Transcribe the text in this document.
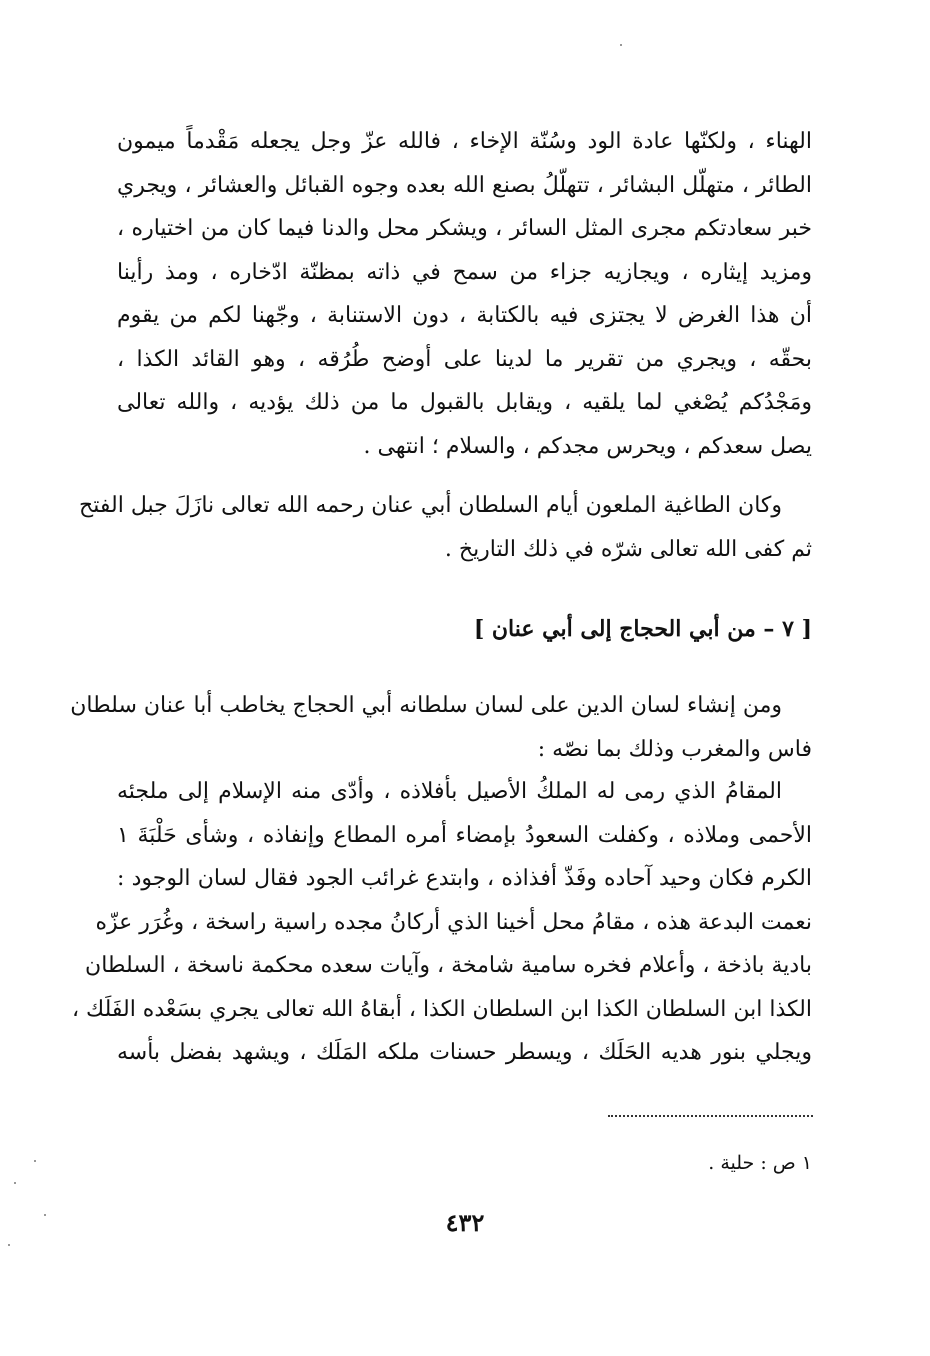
الهناء ، ولكنّها عادة الود وسُنّة الإخاء ، فالله عزّ وجل يجعله مَقْدماً ميمون
الطائر ، متهلّل البشائر ، تتهلّلُ بصنع الله بعده وجوه القبائل والعشائر ، ويجري
خبر سعادتكم مجرى المثل السائر ، ويشكر محل والدنا فيما كان من اختياره ،
ومزيد إيثاره ، ويجازيه جزاء من سمح في ذاته بمظنّة ادّخاره ، ومذ رأينا
أن هذا الغرض لا يجتزى فيه بالكتابة ، دون الاستنابة ، وجّهنا لكم من يقوم
بحقّه ، ويجري من تقرير ما لدينا على أوضح طُرُقه ، وهو القائد الكذا ،
ومَجْدُكم يُصْغي لما يلقيه ، ويقابل بالقبول ما من ذلك يؤديه ، والله تعالى
يصل سعدكم ، ويحرس مجدكم ، والسلام ؛ انتهى .
وكان الطاغية الملعون أيام السلطان أبي عنان رحمه الله تعالى نازَلَ جبل الفتح
ثم كفى الله تعالى شرّه في ذلك التاريخ .
[ ٧ – من أبي الحجاج إلى أبي عنان ]
ومن إنشاء لسان الدين على لسان سلطانه أبي الحجاج يخاطب أبا عنان سلطان
فاس والمغرب وذلك بما نصّه :
المقامُ الذي رمى له الملكُ الأصيل بأفلاذه ، وأدّى منه الإسلام إلى ملجئه
الأحمى وملاذه ، وكفلت السعودُ بإمضاء أمره المطاع وإنفاذه ، وشأى حَلْبَةَ ١
الكرم فكان وحيد آحاده وفَذّ أفذاذه ، وابتدع غرائب الجود فقال لسان الوجود :
نعمت البدعة هذه ، مقامُ محل أخينا الذي أركانُ مجده راسية راسخة ، وغُرَر عزّه
بادية باذخة ، وأعلام فخره سامية شامخة ، وآيات سعده محكمة ناسخة ، السلطان
الكذا ابن السلطان الكذا ابن السلطان الكذا ، أبقاهُ الله تعالى يجري بسَعْده الفَلَك ،
ويجلي بنور هديه الحَلَك ، ويسطر حسنات ملكه المَلَك ، ويشهد بفضل بأسه
١ ص : حلية .
٤٣٢
